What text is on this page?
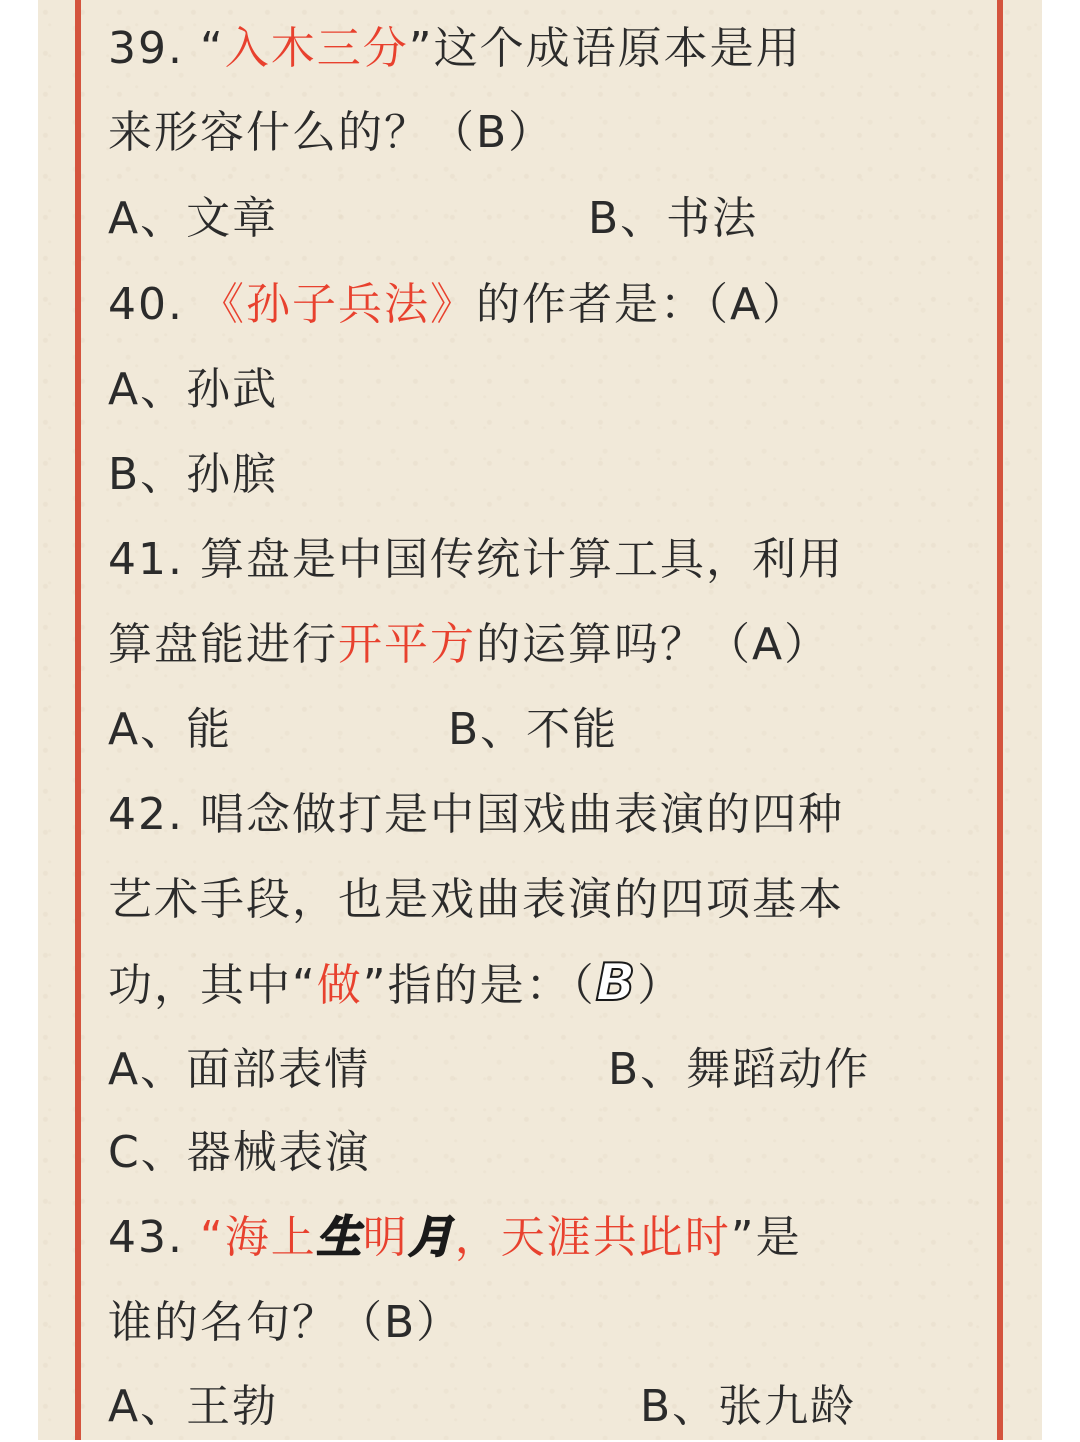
39. “入木三分”这个成语原本是用
来形容什么的？（B）
A、文章	B、书法
40. 《孙子兵法》的作者是：（A）
A、孙武
B、孙膑
41. 算盘是中国传统计算工具，利用
算盘能进行开平方的运算吗？（A）
A、能	B、不能
42. 唱念做打是中国戏曲表演的四种
艺术手段，也是戏曲表演的四项基本
功，其中“做”指的是：（B）
A、面部表情	B、舞蹈动作
C、器械表演
43. “海上生明月，天涯共此时”是
谁的名句？（B）
A、王勃	B、张九龄
